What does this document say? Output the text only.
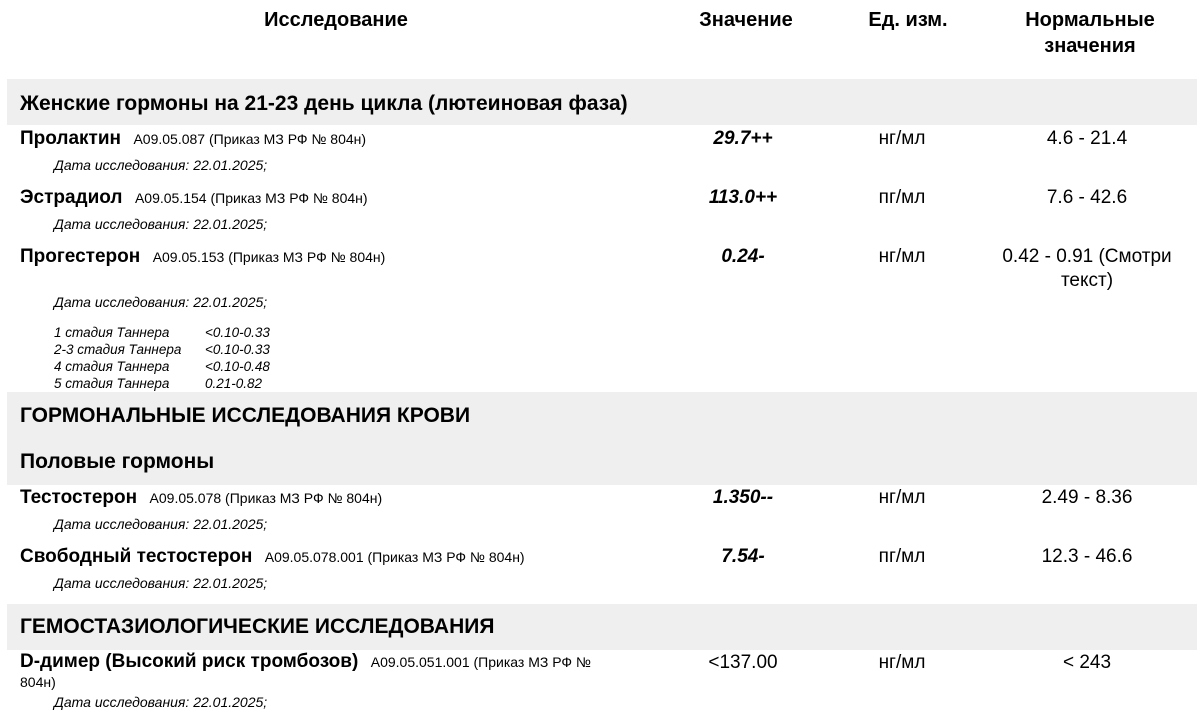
Исследование	Значение	Ед. изм.	Нормальные
значения
Женские гормоны на 21-23 день цикла (лютеиновая фаза)
Пролактин A09.05.087 (Приказ МЗ РФ № 804н)
Дата исследования: 22.01.2025;
29.7++	нг/мл	4.6 - 21.4
Эстрадиол A09.05.154 (Приказ МЗ РФ № 804н)
Дата исследования: 22.01.2025;
113.0++	пг/мл	7.6 - 42.6
Прогестерон A09.05.153 (Приказ МЗ РФ № 804н)
Дата исследования: 22.01.2025;
0.24-	нг/мл	0.42 - 0.91 (Смотри
текст)
1 стадия Таннера	<0.10-0.33
2-3 стадия Таннера <0.10-0.33
4 стадия Таннера	<0.10-0.48
5 стадия Таннера	0.21-0.82
ГОРМОНАЛЬНЫЕ ИССЛЕДОВАНИЯ КРОВИ
Половые гормоны
Тестостерон A09.05.078 (Приказ МЗ РФ № 804н)
Дата исследования: 22.01.2025;
1.350--	нг/мл	2.49 - 8.36
Свободный тестостерон A09.05.078.001 (Приказ МЗ РФ № 804н)
Дата исследования: 22.01.2025;
7.54-	пг/мл	12.3 - 46.6
ГЕМОСТАЗИОЛОГИЧЕСКИЕ ИССЛЕДОВАНИЯ
D-димер (Высокий риск тромбозов) A09.05.051.001 (Приказ МЗ РФ №
804н)
Дата исследования: 22.01.2025;
<137.00	нг/мл	< 243
